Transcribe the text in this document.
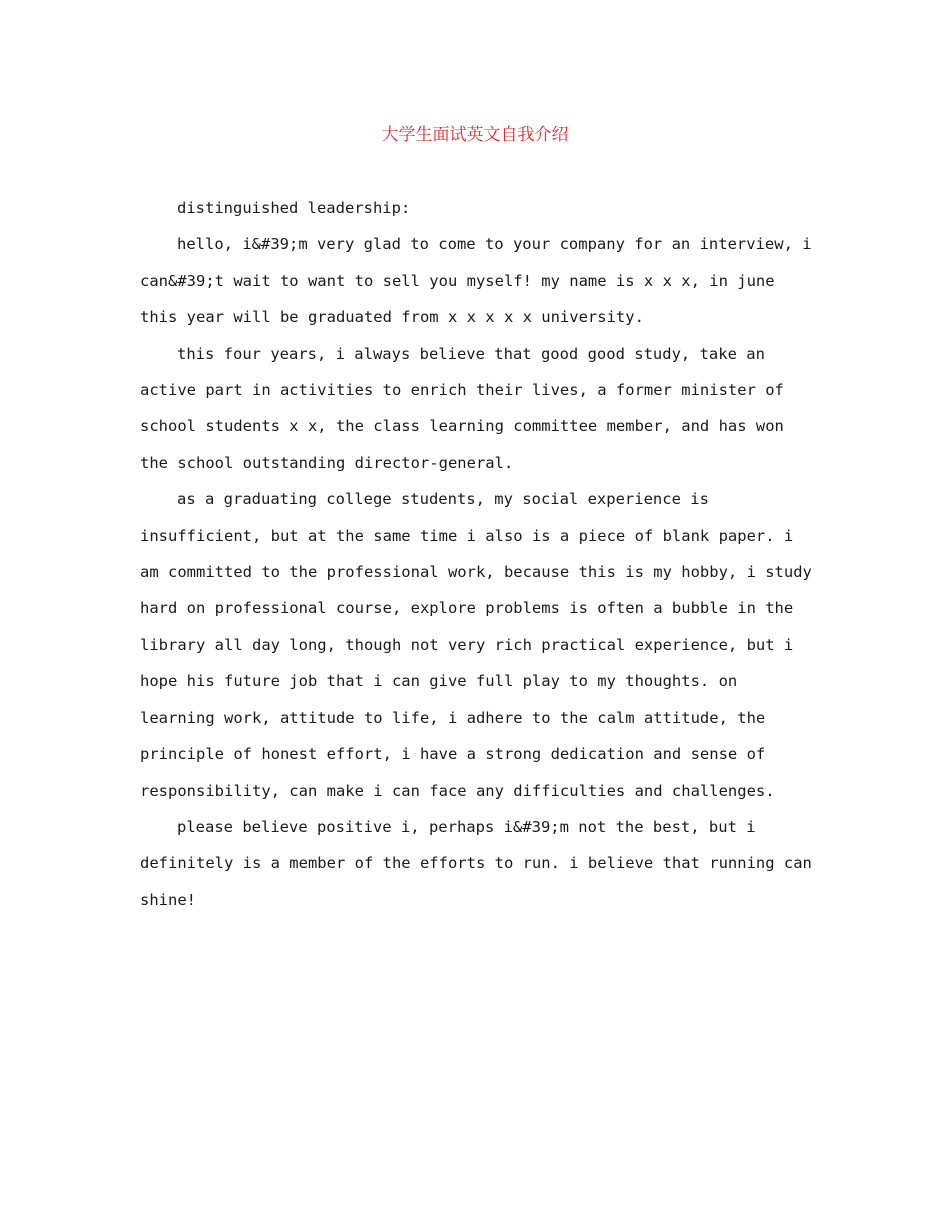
大学生面试英文自我介绍

distinguished leadership:

hello, i&#39;m very glad to come to your company for an interview, i can&#39;t wait to want to sell you myself! my name is x x x, in june this year will be graduated from x x x x x university.

this four years, i always believe that good good study, take an active part in activities to enrich their lives, a former minister of school students x x, the class learning committee member, and has won the school outstanding director-general.

as a graduating college students, my social experience is insufficient, but at the same time i also is a piece of blank paper. i am committed to the professional work, because this is my hobby, i study hard on professional course, explore problems is often a bubble in the library all day long, though not very rich practical experience, but i hope his future job that i can give full play to my thoughts. on learning work, attitude to life, i adhere to the calm attitude, the principle of honest effort, i have a strong dedication and sense of responsibility, can make i can face any difficulties and challenges.

please believe positive i, perhaps i&#39;m not the best, but i definitely is a member of the efforts to run. i believe that running can shine!
